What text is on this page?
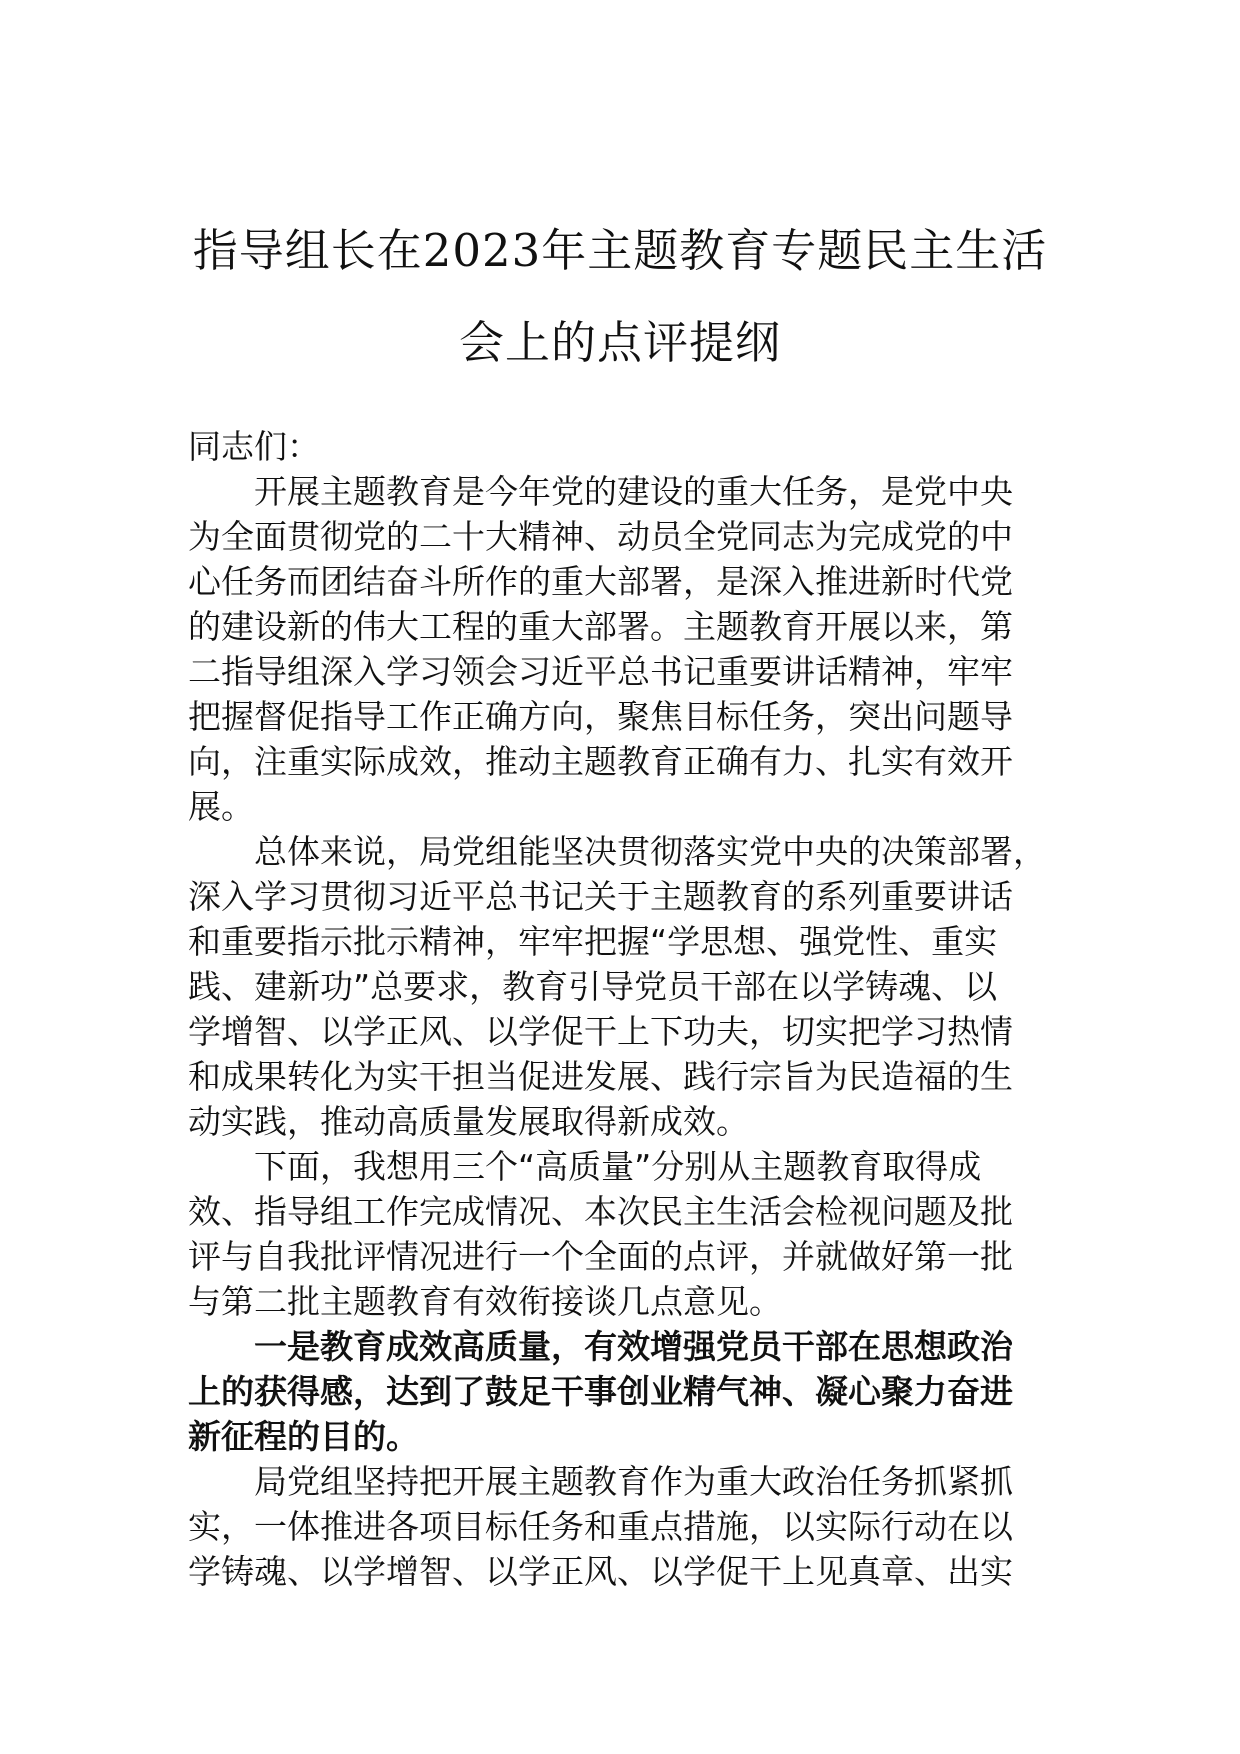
指导组长在2023年主题教育专题民主生活
会上的点评提纲
同志们：
开展主题教育是今年党的建设的重大任务，是党中央
为全面贯彻党的二十大精神、动员全党同志为完成党的中
心任务而团结奋斗所作的重大部署，是深入推进新时代党
的建设新的伟大工程的重大部署。主题教育开展以来，第
二指导组深入学习领会习近平总书记重要讲话精神，牢牢
把握督促指导工作正确方向，聚焦目标任务，突出问题导
向，注重实际成效，推动主题教育正确有力、扎实有效开
展。
总体来说，局党组能坚决贯彻落实党中央的决策部署，
深入学习贯彻习近平总书记关于主题教育的系列重要讲话
和重要指示批示精神，牢牢把握“学思想、强党性、重实
践、建新功”总要求，教育引导党员干部在以学铸魂、以
学增智、以学正风、以学促干上下功夫，切实把学习热情
和成果转化为实干担当促进发展、践行宗旨为民造福的生
动实践，推动高质量发展取得新成效。
下面，我想用三个“高质量”分别从主题教育取得成
效、指导组工作完成情况、本次民主生活会检视问题及批
评与自我批评情况进行一个全面的点评，并就做好第一批
与第二批主题教育有效衔接谈几点意见。
一是教育成效高质量，有效增强党员干部在思想政治
上的获得感，达到了鼓足干事创业精气神、凝心聚力奋进
新征程的目的。
局党组坚持把开展主题教育作为重大政治任务抓紧抓
实，一体推进各项目标任务和重点措施，以实际行动在以
学铸魂、以学增智、以学正风、以学促干上见真章、出实
